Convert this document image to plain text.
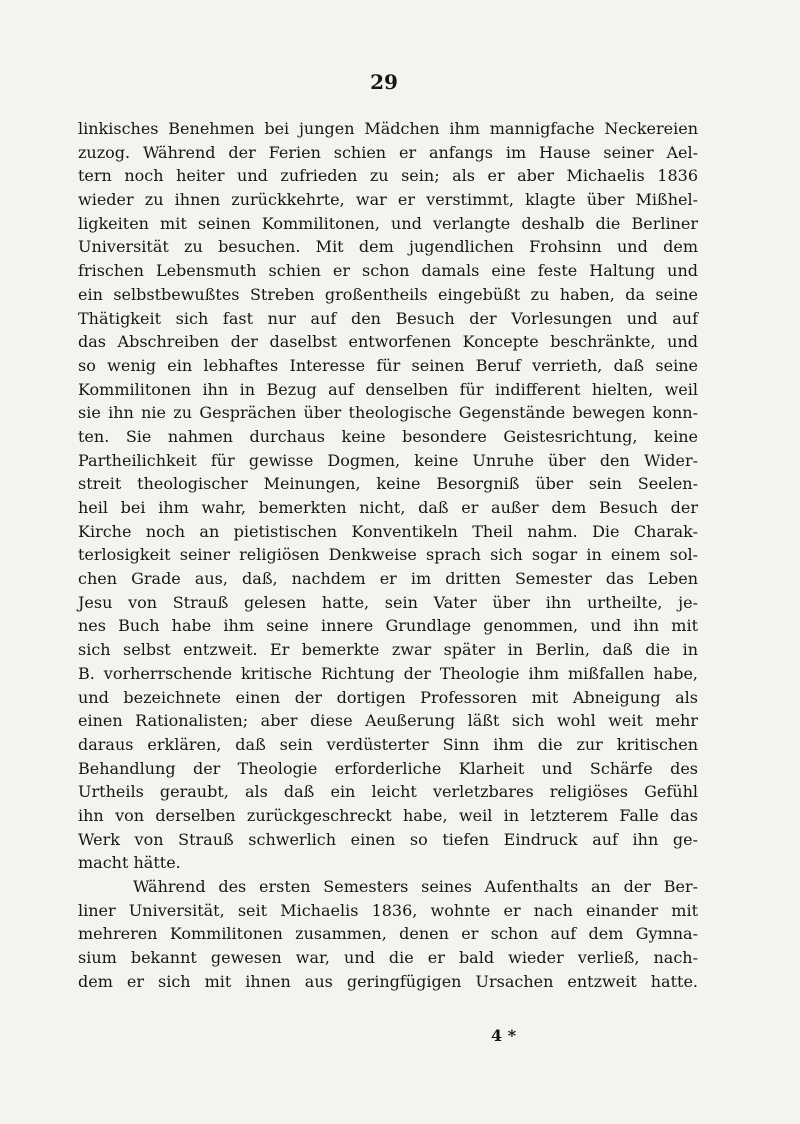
29
linkisches Benehmen bei jungen Mädchen ihm mannigfache Neckereien
zuzog. Während der Ferien schien er anfangs im Hause seiner Ael-
tern noch heiter und zufrieden zu sein; als er aber Michaelis 1836
wieder zu ihnen zurückkehrte, war er verstimmt, klagte über Mißhel-
ligkeiten mit seinen Kommilitonen, und verlangte deshalb die Berliner
Universität zu besuchen. Mit dem jugendlichen Frohsinn und dem
frischen Lebensmuth schien er schon damals eine feste Haltung und
ein selbstbewußtes Streben großentheils eingebüßt zu haben, da seine
Thätigkeit sich fast nur auf den Besuch der Vorlesungen und auf
das Abschreiben der daselbst entworfenen Koncepte beschränkte, und
so wenig ein lebhaftes Interesse für seinen Beruf verrieth, daß seine
Kommilitonen ihn in Bezug auf denselben für indifferent hielten, weil
sie ihn nie zu Gesprächen über theologische Gegenstände bewegen konn-
ten. Sie nahmen durchaus keine besondere Geistesrichtung, keine
Partheilichkeit für gewisse Dogmen, keine Unruhe über den Wider-
streit theologischer Meinungen, keine Besorgniß über sein Seelen-
heil bei ihm wahr, bemerkten nicht, daß er außer dem Besuch der
Kirche noch an pietistischen Konventikeln Theil nahm. Die Charak-
terlosigkeit seiner religiösen Denkweise sprach sich sogar in einem sol-
chen Grade aus, daß, nachdem er im dritten Semester das Leben
Jesu von Strauß gelesen hatte, sein Vater über ihn urtheilte, je-
nes Buch habe ihm seine innere Grundlage genommen, und ihn mit
sich selbst entzweit. Er bemerkte zwar später in Berlin, daß die in
B. vorherrschende kritische Richtung der Theologie ihm mißfallen habe,
und bezeichnete einen der dortigen Professoren mit Abneigung als
einen Rationalisten; aber diese Aeußerung läßt sich wohl weit mehr
daraus erklären, daß sein verdüsterter Sinn ihm die zur kritischen
Behandlung der Theologie erforderliche Klarheit und Schärfe des
Urtheils geraubt, als daß ein leicht verletzbares religiöses Gefühl
ihn von derselben zurückgeschreckt habe, weil in letzterem Falle das
Werk von Strauß schwerlich einen so tiefen Eindruck auf ihn ge-
macht hätte.
Während des ersten Semesters seines Aufenthalts an der Ber-
liner Universität, seit Michaelis 1836, wohnte er nach einander mit
mehreren Kommilitonen zusammen, denen er schon auf dem Gymna-
sium bekannt gewesen war, und die er bald wieder verließ, nach-
dem er sich mit ihnen aus geringfügigen Ursachen entzweit hatte.
4 *
